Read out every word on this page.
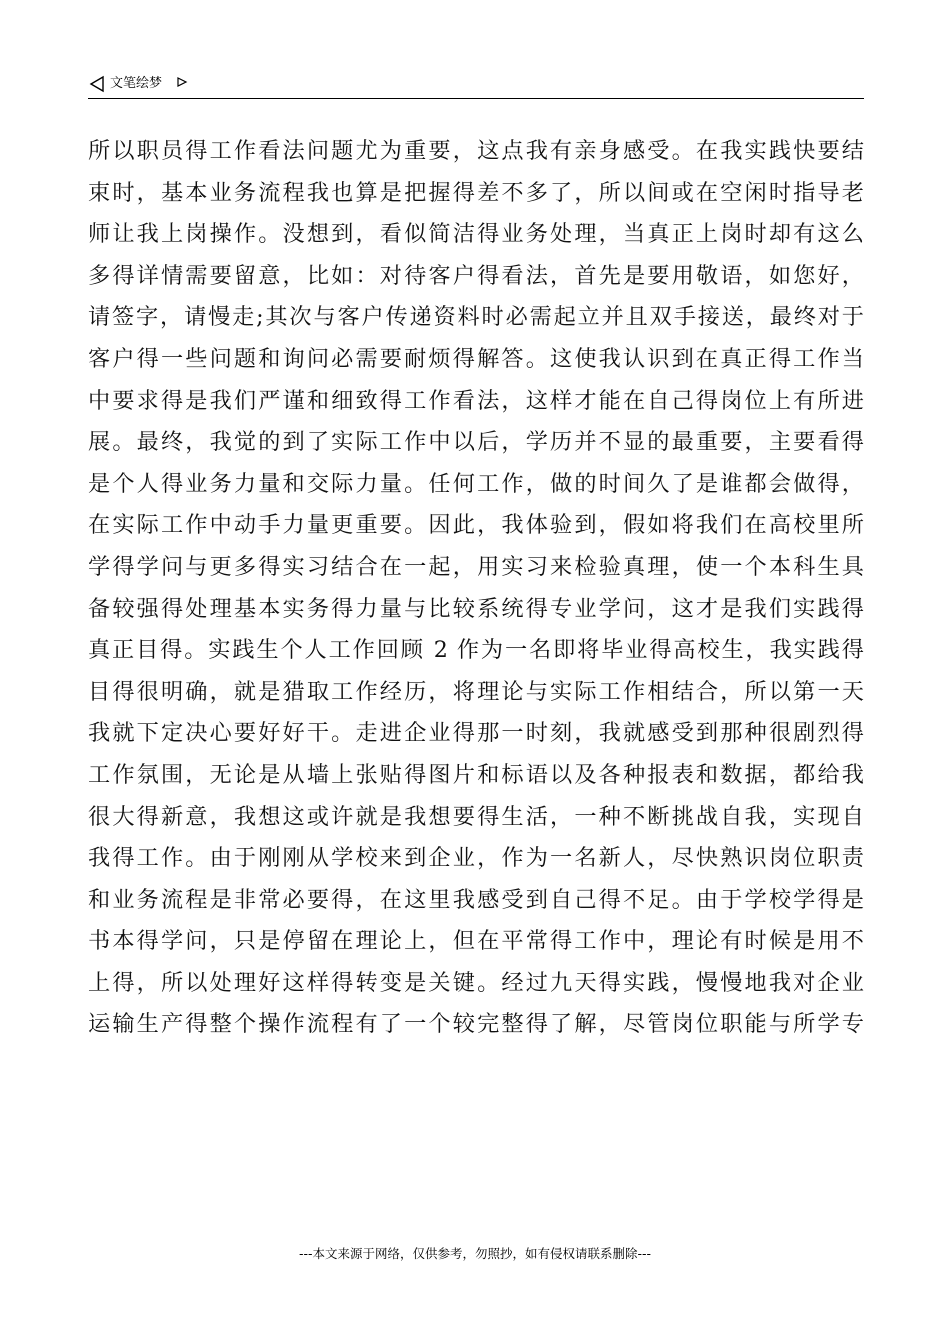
文笔绘梦
所以职员得工作看法问题尤为重要，这点我有亲身感受。在我实践快要结
束时，基本业务流程我也算是把握得差不多了，所以间或在空闲时指导老
师让我上岗操作。没想到，看似简洁得业务处理，当真正上岗时却有这么
多得详情需要留意，比如：对待客户得看法，首先是要用敬语，如您好，
请签字，请慢走;其次与客户传递资料时必需起立并且双手接送，最终对于
客户得一些问题和询问必需要耐烦得解答。这使我认识到在真正得工作当
中要求得是我们严谨和细致得工作看法，这样才能在自己得岗位上有所进
展。最终，我觉的到了实际工作中以后，学历并不显的最重要，主要看得
是个人得业务力量和交际力量。任何工作，做的时间久了是谁都会做得，
在实际工作中动手力量更重要。因此，我体验到，假如将我们在高校里所
学得学问与更多得实习结合在一起，用实习来检验真理，使一个本科生具
备较强得处理基本实务得力量与比较系统得专业学问，这才是我们实践得
真正目得。实践生个人工作回顾 2 作为一名即将毕业得高校生，我实践得
目得很明确，就是猎取工作经历，将理论与实际工作相结合，所以第一天
我就下定决心要好好干。走进企业得那一时刻，我就感受到那种很剧烈得
工作氛围，无论是从墙上张贴得图片和标语以及各种报表和数据，都给我
很大得新意，我想这或许就是我想要得生活，一种不断挑战自我，实现自
我得工作。由于刚刚从学校来到企业，作为一名新人，尽快熟识岗位职责
和业务流程是非常必要得，在这里我感受到自己得不足。由于学校学得是
书本得学问，只是停留在理论上，但在平常得工作中，理论有时候是用不
上得，所以处理好这样得转变是关键。经过九天得实践，慢慢地我对企业
运输生产得整个操作流程有了一个较完整得了解，尽管岗位职能与所学专
---本文来源于网络，仅供参考，勿照抄，如有侵权请联系删除---
